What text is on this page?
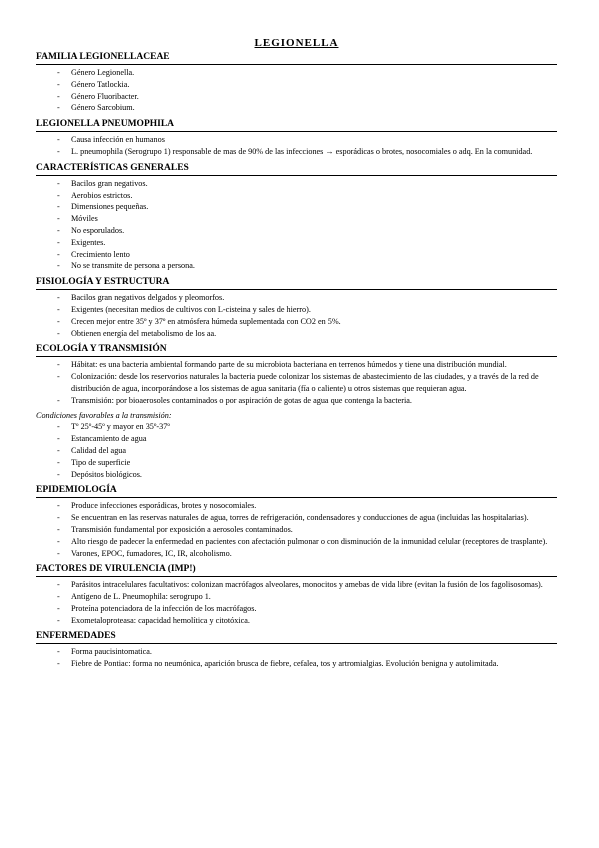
LEGIONELLA
FAMILIA LEGIONELLACEAE
- Género Legionella.
- Género Tatlockia.
- Género Fluoribacter.
- Género Sarcobium.
LEGIONELLA PNEUMOPHILA
- Causa infección en humanos
- L. pneumophila (Serogrupo 1) responsable de mas de 90% de las infecciones → esporádicas o brotes, nosocomiales o adq. En la comunidad.
CARACTERÍSTICAS GENERALES
- Bacilos gran negativos.
- Aerobios estrictos.
- Dimensiones pequeñas.
- Móviles
- No esporulados.
- Exigentes.
- Crecimiento lento
- No se transmite de persona a persona.
FISIOLOGÍA Y ESTRUCTURA
- Bacilos gran negativos delgados y pleomorfos.
- Exigentes (necesitan medios de cultivos con L-cisteina y sales de hierro).
- Crecen mejor entre 35º y 37º en atmósfera húmeda suplementada con CO2 en 5%.
- Obtienen energía del metabolismo de los aa.
ECOLOGÍA Y TRANSMISIÓN
- Hábitat: es una bacteria ambiental formando parte de su microbiota bacteriana en terrenos húmedos y tiene una distribución mundial.
- Colonización: desde los reservorios naturales la bacteria puede colonizar los sistemas de abastecimiento de las ciudades, y a través de la red de distribución de agua, incorporándose a los sistemas de agua sanitaria (fía o caliente) u otros sistemas que requieran agua.
- Transmisión: por bioaerosoles contaminados o por aspiración de gotas de agua que contenga la bacteria.
Condiciones favorables a la transmisión:
- Tº 25º-45º y mayor en 35º-37º
- Estancamiento de agua
- Calidad del agua
- Tipo de superficie
- Depósitos biológicos.
EPIDEMIOLOGÍA
- Produce infecciones esporádicas, brotes y nosocomiales.
- Se encuentran en las reservas naturales de agua, torres de refrigeración, condensadores y conducciones de agua (incluidas las hospitalarias).
- Transmisión fundamental por exposición a aerosoles contaminados.
- Alto riesgo de padecer la enfermedad en pacientes con afectación pulmonar o con disminución de la inmunidad celular (receptores de trasplante).
- Varones, EPOC, fumadores, IC, IR, alcoholismo.
FACTORES DE VIRULENCIA (IMP!)
- Parásitos intracelulares facultativos: colonizan macrófagos alveolares, monocitos y amebas de vida libre (evitan la fusión de los fagolisosomas).
- Antígeno de L. Pneumophila: serogrupo 1.
- Proteína potenciadora de la infección de los macrófagos.
- Exometaloproteasa: capacidad hemolítica y citotóxica.
ENFERMEDADES
- Forma paucisintomatica.
- Fiebre de Pontiac: forma no neumónica, aparición brusca de fiebre, cefalea, tos y artromialgias. Evolución benigna y autolimitada.
